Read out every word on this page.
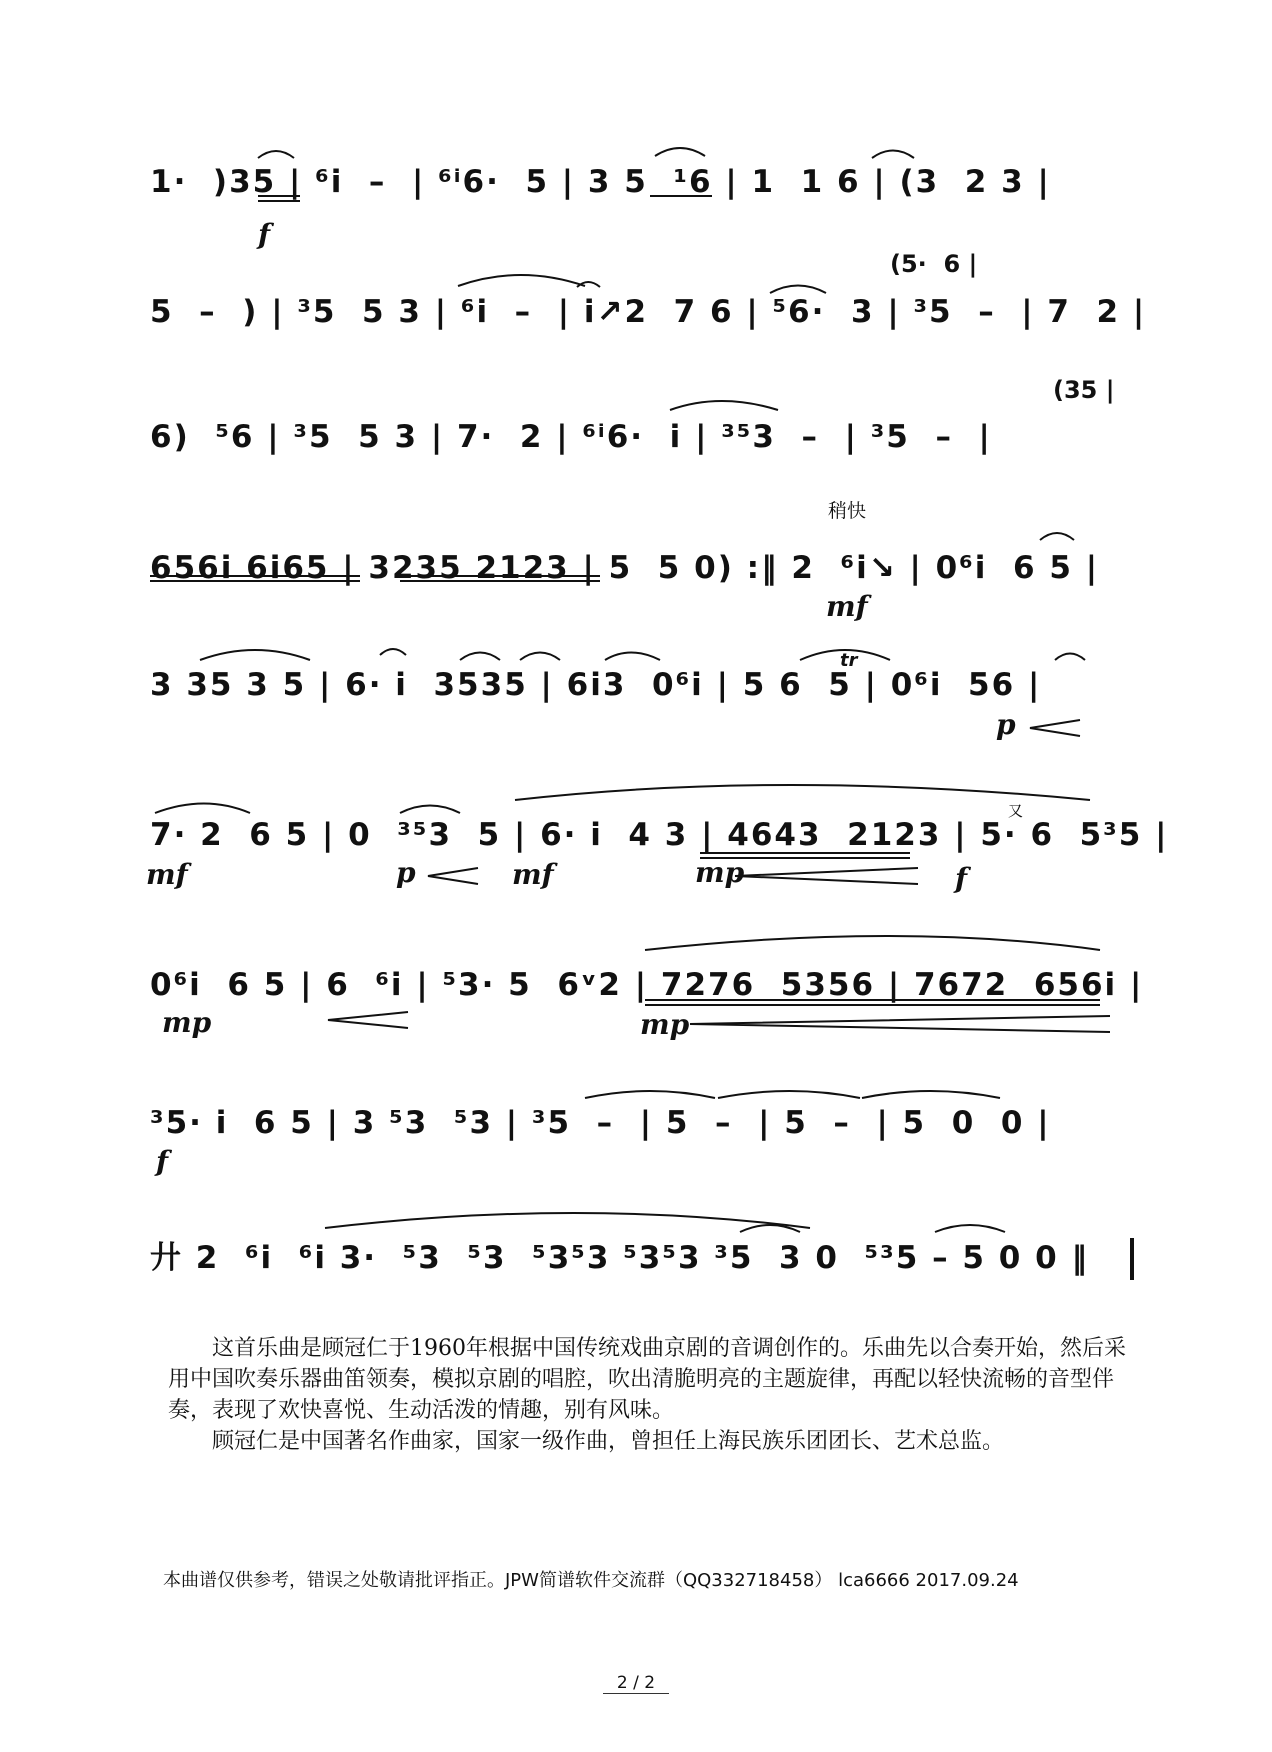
1·  )35 | ⁶i  –  | ⁶ⁱ6·  5 | 3 5  ¹6 | 1  1 6 | (3  2 3 |
5  –  ) | ³5  5 3 | ⁶i  –  | i↗2  7 6 | ⁵6·  3 | ³5  –  | 7  2 |
6)  ⁵6 | ³5  5 3 | 7·  2 | ⁶ⁱ6·  i | ³⁵3  –  | ³5  –  |
656i 6i65 | 3235 2123 | 5  5 0) :‖ 2  ⁶i↘ | 0⁶i  6 5 |
3 35 3 5 | 6· i  3535 | 6i3  0⁶i | 5 6  5 | 0⁶i  56 |
7· 2  6 5 | 0  ³⁵3  5 | 6· i  4 3 | 4643  2123 | 5· 6  5³5 |
0⁶i  6 5 | 6  ⁶i | ⁵3· 5  6ᵛ2 | 7276  5356 | 7672  656i |
³5· i  6 5 | 3 ⁵3  ⁵3 | ³5  –  | 5  –  | 5  –  | 5  0  0 |
廾 2  ⁶i  ⁶i 3·  ⁵3  ⁵3  ⁵3⁵3 ⁵3⁵3 ³5  3 0  ⁵³5 – 5 0 0 ‖
(5·  6 |
(35 |
稍快
tr
又
f
mf
p
mf	p	mf	mp	f
mp	mp
f

这首乐曲是顾冠仁于1960年根据中国传统戏曲京剧的音调创作的。乐曲先以合奏开始，然后采用中国吹奏乐器曲笛领奏，模拟京剧的唱腔，吹出清脆明亮的主题旋律，再配以轻快流畅的音型伴奏，表现了欢快喜悦、生动活泼的情趣，别有风味。

顾冠仁是中国著名作曲家，国家一级作曲，曾担任上海民族乐团团长、艺术总监。

本曲谱仅供参考，错误之处敬请批评指正。JPW简谱软件交流群（QQ332718458） lca6666 2017.09.24
2 / 2
